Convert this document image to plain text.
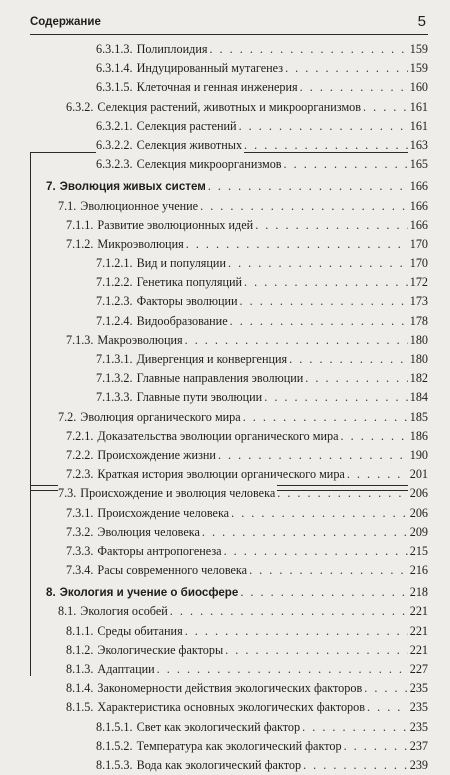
Содержание	5
6.3.1.3. Полиплоидия . . .	159
6.3.1.4. Индуцированный мутагенез . . .	159
6.3.1.5. Клеточная и генная инженерия . . .	160
6.3.2. Селекция растений, животных и микроорганизмов . . .	161
6.3.2.1. Селекция растений . . .	161
6.3.2.2. Селекция животных . . .	163
6.3.2.3. Селекция микроорганизмов . . .	165
7. Эволюция живых систем . . .	166
7.1. Эволюционное учение . . .	166
7.1.1. Развитие эволюционных идей . . .	166
7.1.2. Микроэволюция . . .	170
7.1.2.1. Вид и популяции . . .	170
7.1.2.2. Генетика популяций . . .	172
7.1.2.3. Факторы эволюции . . .	173
7.1.2.4. Видообразование . . .	178
7.1.3. Макроэволюция . . .	180
7.1.3.1. Дивергенция и конвергенция . . .	180
7.1.3.2. Главные направления эволюции . . .	182
7.1.3.3. Главные пути эволюции . . .	184
7.2. Эволюция органического мира . . .	185
7.2.1. Доказательства эволюции органического мира . . .	186
7.2.2. Происхождение жизни . . .	190
7.2.3. Краткая история эволюции органического мира . . .	201
7.3. Происхождение и эволюция человека . . .	206
7.3.1. Происхождение человека . . .	206
7.3.2. Эволюция человека . . .	209
7.3.3. Факторы антропогенеза . . .	215
7.3.4. Расы современного человека . . .	216
8. Экология и учение о биосфере . . .	218
8.1. Экология особей . . .	221
8.1.1. Среды обитания . . .	221
8.1.2. Экологические факторы . . .	221
8.1.3. Адаптации . . .	227
8.1.4. Закономерности действия экологических факторов . . .	235
8.1.5. Характеристика основных экологических факторов . . .	235
8.1.5.1. Свет как экологический фактор . . .	235
8.1.5.2. Температура как экологический фактор . . .	237
8.1.5.3. Вода как экологический фактор . . .	239
